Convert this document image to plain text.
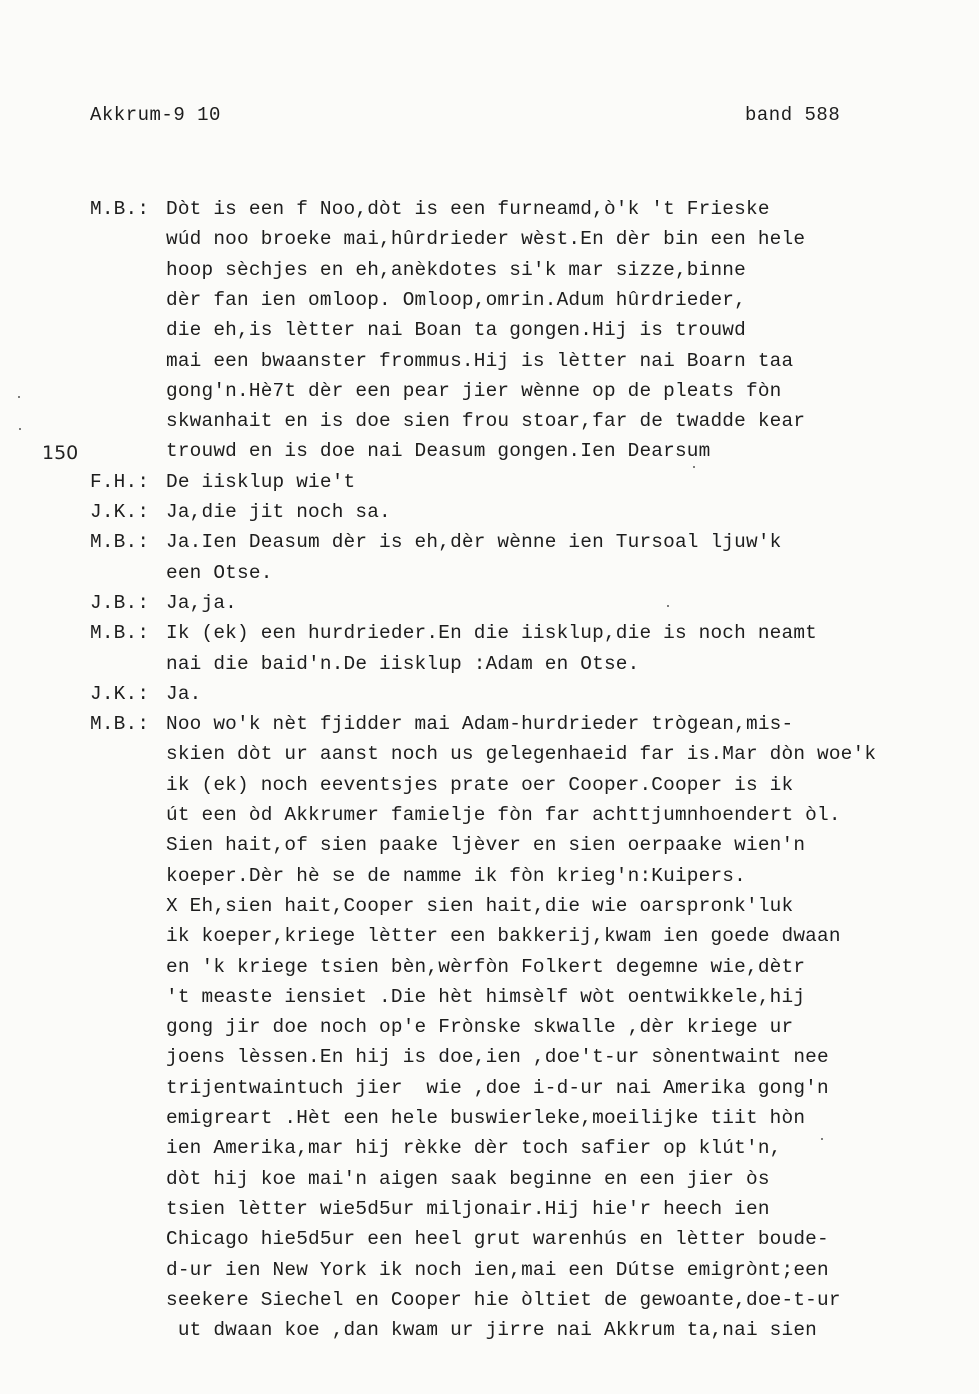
Akkrum-9 10	band 588
150
M.B.: Dòt is een f Noo,dòt is een furneamd,ò'k 't Frieske
wúd noo broeke mai,hûrdrieder wèst.En dèr bin een hele
hoop sèchjes en eh,anèkdotes si'k mar sizze,binne
dèr fan ien omloop. Omloop,omrin.Adum hûrdrieder,
die eh,is lètter nai Boan ta gongen.Hij is trouwd
mai een bwaanster frommus.Hij is lètter nai Boarn taa
gong'n.Hè7t dèr een pear jier wènne op de pleats fòn
skwanhait en is doe sien frou stoar,far de twadde kear
trouwd en is doe nai Deasum gongen.Ien Dearsum
F.H.: De iisklup wie't
J.K.: Ja,die jit noch sa.
M.B.: Ja.Ien Deasum dèr is eh,dèr wènne ien Tursoal ljuw'k
een Otse.
J.B.: Ja,ja.
M.B.: Ik (ek) een hurdrieder.En die iisklup,die is noch neamt
nai die baid'n.De iisklup :Adam en Otse.
J.K.: Ja.
M.B.: Noo wo'k nèt fjidder mai Adam-hurdrieder trògean,mis-
skien dòt ur aanst noch us gelegenhaeid far is.Mar dòn woe'k
ik (ek) noch eeventsjes prate oer Cooper.Cooper is ik
út een òd Akkrumer famielje fòn far achttjumnhoendert òl.
Sien hait,of sien paake ljèver en sien oerpaake wien'n
koeper.Dèr hè se de namme ik fòn krieg'n:Kuipers.
X Eh,sien hait,Cooper sien hait,die wie oarspronk'luk
ik koeper,kriege lètter een bakkerij,kwam ien goede dwaan
en 'k kriege tsien bèn,wèrfòn Folkert degemne wie,dètr
't measte iensiet .Die hèt himsèlf wòt oentwikkele,hij
gong jir doe noch op'e Frònske skwalle ,dèr kriege ur
joens lèssen.En hij is doe,ien ,doe't-ur sònentwaint nee
trijentwaintuch jier  wie ,doe i-d-ur nai Amerika gong'n
emigreart .Hèt een hele buswierleke,moeilijke tiit hòn
ien Amerika,mar hij rèkke dèr toch safier op klút'n,
dòt hij koe mai'n aigen saak beginne en een jier òs
tsien lètter wie5d5ur miljonair.Hij hie'r heech ien
Chicago hie5d5ur een heel grut warenhús en lètter boude-
d-ur ien New York ik noch ien,mai een Dútse emigrònt;een
seekere Siechel en Cooper hie òltiet de gewoante,doe-t-ur
ut dwaan koe ,dan kwam ur jirre nai Akkrum ta,nai sien
